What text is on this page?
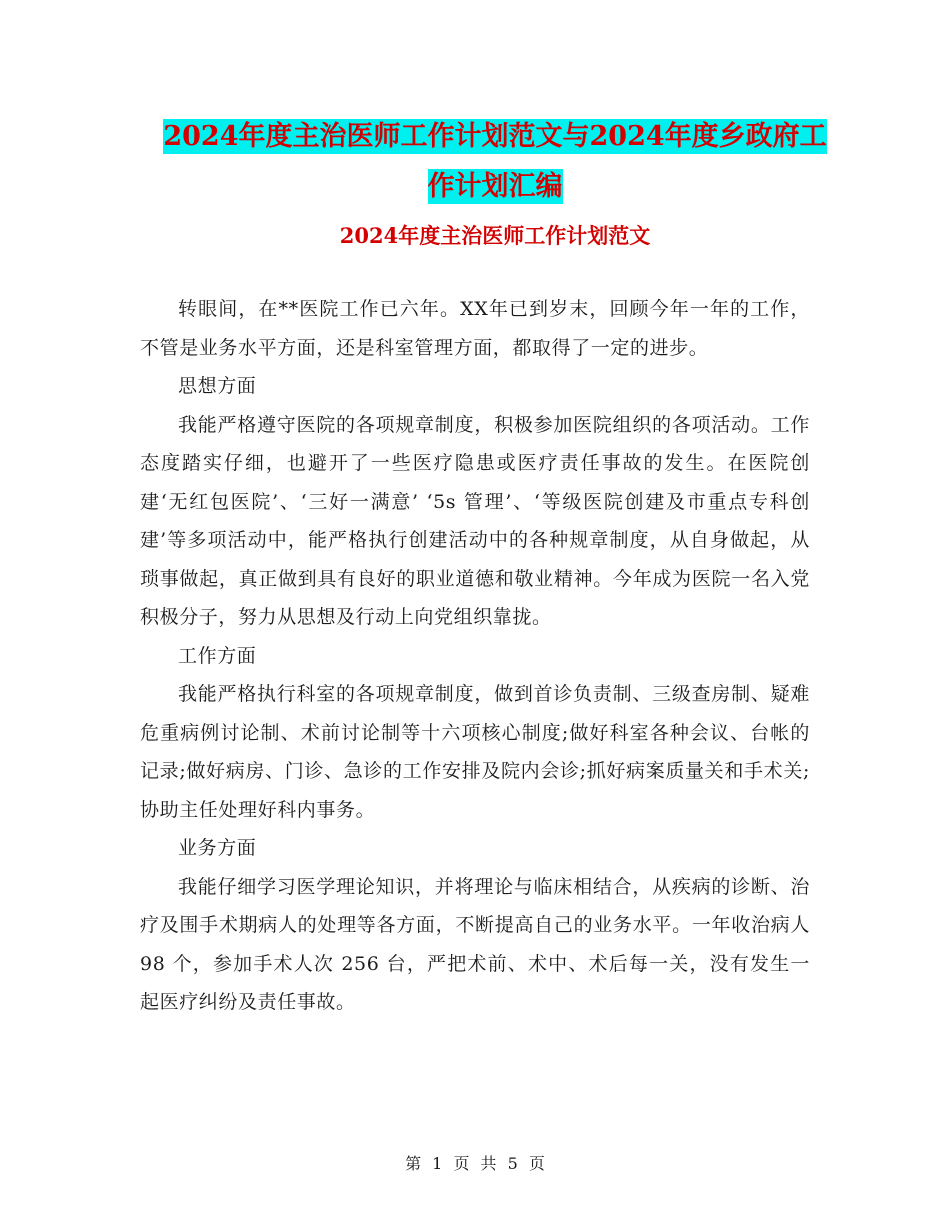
2024年度主治医师工作计划范文与2024年度乡政府工
作计划汇编
2024年度主治医师工作计划范文

转眼间，在**医院工作已六年。XX年已到岁末，回顾今年一年的工作，不管是业务水平方面，还是科室管理方面，都取得了一定的进步。

思想方面

我能严格遵守医院的各项规章制度，积极参加医院组织的各项活动。工作态度踏实仔细，也避开了一些医疗隐患或医疗责任事故的发生。在医院创建‘无红包医院’、‘三好一满意’ ‘5s 管理’、‘等级医院创建及市重点专科创建’等多项活动中，能严格执行创建活动中的各种规章制度，从自身做起，从琐事做起，真正做到具有良好的职业道德和敬业精神。今年成为医院一名入党积极分子，努力从思想及行动上向党组织靠拢。

工作方面

我能严格执行科室的各项规章制度，做到首诊负责制、三级查房制、疑难危重病例讨论制、术前讨论制等十六项核心制度;做好科室各种会议、台帐的记录;做好病房、门诊、急诊的工作安排及院内会诊;抓好病案质量关和手术关;协助主任处理好科内事务。

业务方面

我能仔细学习医学理论知识，并将理论与临床相结合，从疾病的诊断、治疗及围手术期病人的处理等各方面，不断提高自己的业务水平。一年收治病人 98 个，参加手术人次 256 台，严把术前、术中、术后每一关，没有发生一起医疗纠纷及责任事故。

第 1 页 共 5 页
